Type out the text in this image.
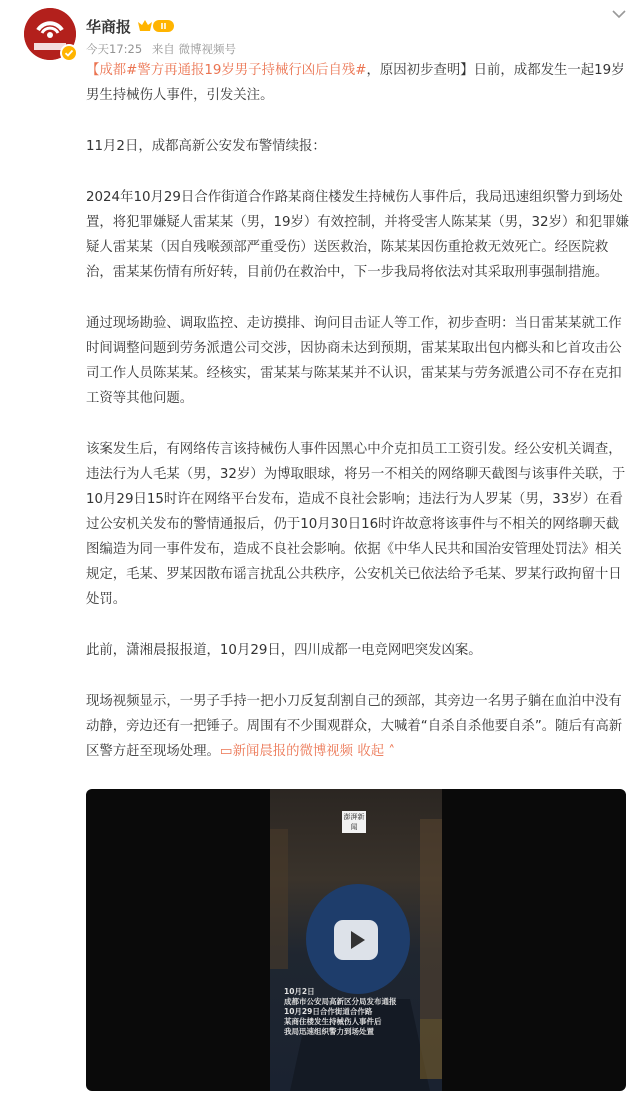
华商报	II
今天17:25 来自 微博视频号

【成都#警方再通报19岁男子持械行凶后自残#，原因初步查明】日前，成都发生一起19岁男生持械伤人事件，引发关注。

11月2日，成都高新公安发布警情续报：

2024年10月29日合作街道合作路某商住楼发生持械伤人事件后，我局迅速组织警力到场处置，将犯罪嫌疑人雷某某（男，19岁）有效控制，并将受害人陈某某（男，32岁）和犯罪嫌疑人雷某某（因自残喉颈部严重受伤）送医救治，陈某某因伤重抢救无效死亡。经医院救治，雷某某伤情有所好转，目前仍在救治中，下一步我局将依法对其采取刑事强制措施。

通过现场勘验、调取监控、走访摸排、询问目击证人等工作，初步查明：当日雷某某就工作时间调整问题到劳务派遣公司交涉，因协商未达到预期，雷某某取出包内榔头和匕首攻击公司工作人员陈某某。经核实，雷某某与陈某某并不认识，雷某某与劳务派遣公司不存在克扣工资等其他问题。

该案发生后，有网络传言该持械伤人事件因黑心中介克扣员工工资引发。经公安机关调查，违法行为人毛某（男，32岁）为博取眼球，将另一不相关的网络聊天截图与该事件关联，于10月29日15时许在网络平台发布，造成不良社会影响；违法行为人罗某（男，33岁）在看过公安机关发布的警情通报后，仍于10月30日16时许故意将该事件与不相关的网络聊天截图编造为同一事件发布，造成不良社会影响。依据《中华人民共和国治安管理处罚法》相关规定，毛某、罗某因散布谣言扰乱公共秩序，公安机关已依法给予毛某、罗某行政拘留十日处罚。

此前，潇湘晨报报道，10月29日，四川成都一电竞网吧突发凶案。

现场视频显示，一男子手持一把小刀反复刮割自己的颈部，其旁边一名男子躺在血泊中没有动静，旁边还有一把锤子。周围有不少围观群众，大喊着“自杀自杀他要自杀”。随后有高新区警方赶至现场处理。▭新闻晨报的微博视频 收起 ˄

澎湃新闻
10月2日
成都市公安局高新区分局发布通报
10月29日合作街道合作路
某商住楼发生持械伤人事件后
我局迅速组织警力到场处置
